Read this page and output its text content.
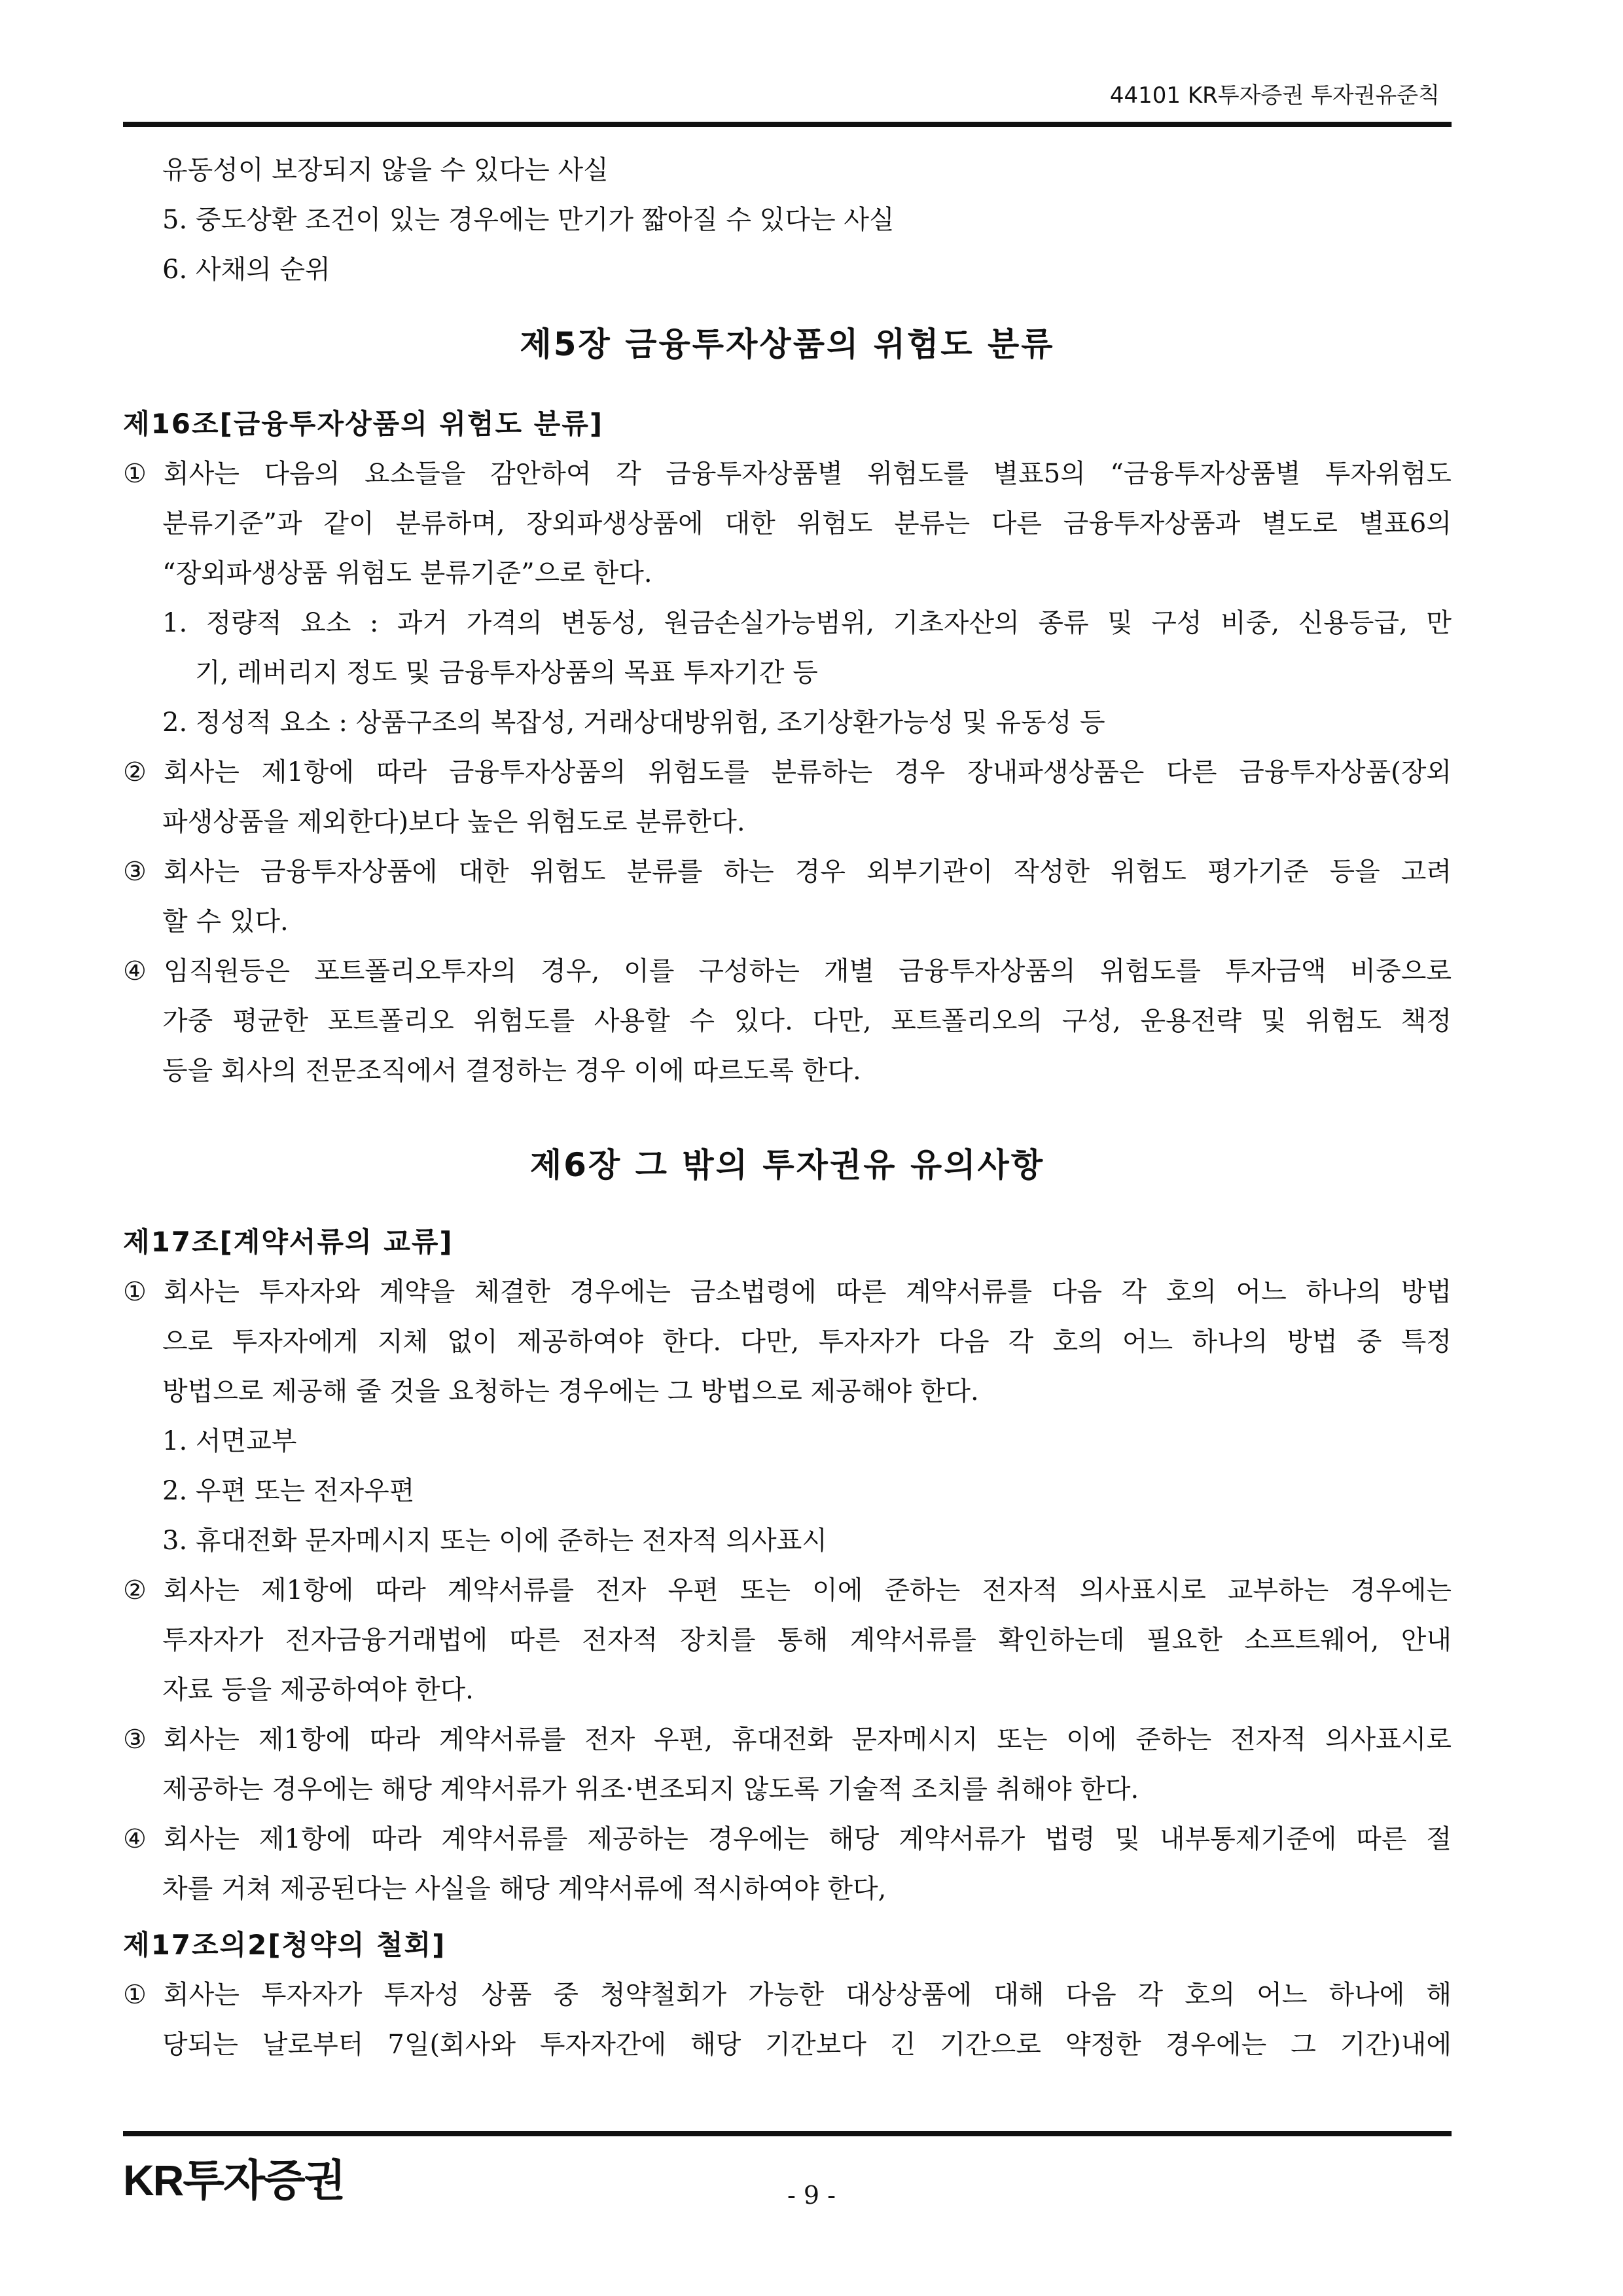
44101 KR투자증권 투자권유준칙
유동성이 보장되지 않을 수 있다는 사실
5. 중도상환 조건이 있는 경우에는 만기가 짧아질 수 있다는 사실
6. 사채의 순위
제5장 금융투자상품의 위험도 분류
제16조[금융투자상품의 위험도 분류]
① 회사는 다음의 요소들을 감안하여 각 금융투자상품별 위험도를 별표5의 “금융투자상품별 투자위험도
분류기준”과 같이 분류하며, 장외파생상품에 대한 위험도 분류는 다른 금융투자상품과 별도로 별표6의
“장외파생상품 위험도 분류기준”으로 한다.
1. 정량적 요소 : 과거 가격의 변동성, 원금손실가능범위, 기초자산의 종류 및 구성 비중, 신용등급, 만
기, 레버리지 정도 및 금융투자상품의 목표 투자기간 등
2. 정성적 요소 : 상품구조의 복잡성, 거래상대방위험, 조기상환가능성 및 유동성 등
② 회사는 제1항에 따라 금융투자상품의 위험도를 분류하는 경우 장내파생상품은 다른 금융투자상품(장외
파생상품을 제외한다)보다 높은 위험도로 분류한다.
③ 회사는 금융투자상품에 대한 위험도 분류를 하는 경우 외부기관이 작성한 위험도 평가기준 등을 고려
할 수 있다.
④ 임직원등은 포트폴리오투자의 경우, 이를 구성하는 개별 금융투자상품의 위험도를 투자금액 비중으로
가중 평균한 포트폴리오 위험도를 사용할 수 있다. 다만, 포트폴리오의 구성, 운용전략 및 위험도 책정
등을 회사의 전문조직에서 결정하는 경우 이에 따르도록 한다.
제6장 그 밖의 투자권유 유의사항
제17조[계약서류의 교류]
① 회사는 투자자와 계약을 체결한 경우에는 금소법령에 따른 계약서류를 다음 각 호의 어느 하나의 방법
으로 투자자에게 지체 없이 제공하여야 한다. 다만, 투자자가 다음 각 호의 어느 하나의 방법 중 특정
방법으로 제공해 줄 것을 요청하는 경우에는 그 방법으로 제공해야 한다.
1. 서면교부
2. 우편 또는 전자우편
3. 휴대전화 문자메시지 또는 이에 준하는 전자적 의사표시
② 회사는 제1항에 따라 계약서류를 전자 우편 또는 이에 준하는 전자적 의사표시로 교부하는 경우에는
투자자가 전자금융거래법에 따른 전자적 장치를 통해 계약서류를 확인하는데 필요한 소프트웨어, 안내
자료 등을 제공하여야 한다.
③ 회사는 제1항에 따라 계약서류를 전자 우편, 휴대전화 문자메시지 또는 이에 준하는 전자적 의사표시로
제공하는 경우에는 해당 계약서류가 위조·변조되지 않도록 기술적 조치를 취해야 한다.
④ 회사는 제1항에 따라 계약서류를 제공하는 경우에는 해당 계약서류가 법령 및 내부통제기준에 따른 절
차를 거쳐 제공된다는 사실을 해당 계약서류에 적시하여야 한다,
제17조의2[청약의 철회]
① 회사는 투자자가 투자성 상품 중 청약철회가 가능한 대상상품에 대해 다음 각 호의 어느 하나에 해
당되는 날로부터 7일(회사와 투자자간에 해당 기간보다 긴 기간으로 약정한 경우에는 그 기간)내에
KR투자증권	- 9 -
